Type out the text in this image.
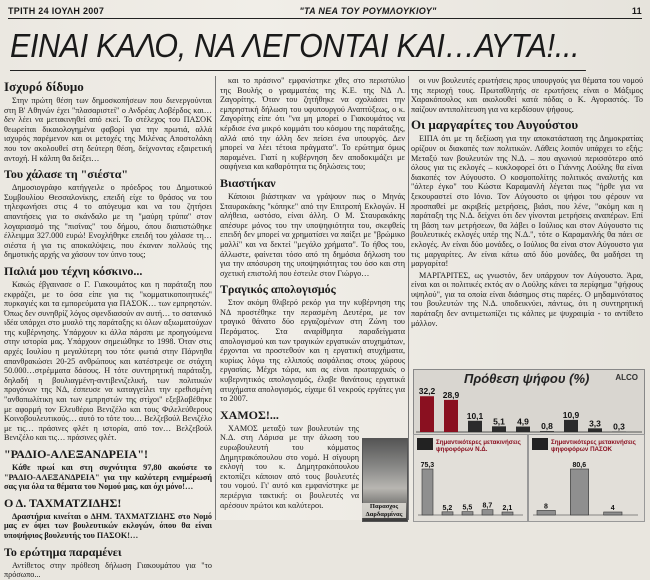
ΤΡΙΤΗ 24 ΙΟΥΛΗ 2007	"ΤΑ ΝΕΑ ΤΟΥ ΡΟΥΜΛΟΥΚΙΟΥ"	11
ΕΙΝΑΙ ΚΑΛΟ, ΝΑ ΛΕΓΟΝΤΑΙ ΚΑΙ…ΑΥΤΑ!...
Ισχυρό δίδυμο

Στην πρώτη θέση των δημοσκοπήσεων που διενεργούνται στη Β' Αθηνών έχει "πλασαριστεί" ο Ανδρέας Λοβέρδος και… δεν λέει να μετακινηθεί από εκεί. Το στέλεχος του ΠΑΣΟΚ θεωρείται δικαιολογημένα φαβορί για την πρωτιά, αλλά ισχυρός παρέμενον και οι μετοχές της Μιλένας Αποστολάκη που τον ακολουθεί στη δεύτερη θέση, δείχνοντας εξαιρετική αντοχή. Η κάλπη θα δείξει…

Του χάλασε τη "σιέστα"

Δημοσιογράφο κατήγγειλε ο πρόεδρος του Δημοτικού Συμβουλίου Θεσσαλονίκης, επειδή είχε το θράσος να του τηλεφωνήσει στις 4 το απόγευμα και να του ζητήσει απαντήσεις για το σκάνδαλο με τη "μαύρη τρύπα" στον λογαριασμό της "πισίνας" του δήμου, όπου διαπιστώθηκε έλλειμμα 327.000 ευρώ! Ενοχλήθηκε επειδή του χάλασε τη… σιέστα ή για τις αποκαλύψεις, που έκαναν πολλούς της δημοτικής αρχής να χάσουν τον ύπνο τους;

Παλιά μου τέχνη κόσκινο...

Κακώς έβγαινασε ο Γ. Γιακουμάτος και η παράταξη που εκφράζει, με το όσα είπε για τις "κομματικοποιητικές" πυρκαγιές και τα εμπορεύματα για ΠΑΣΟΚ… των εμπρηστών. Όπως δεν συνηθρίζ λόγος σφενδιασούν αν αυτή… το σατανικό ιδέα υπάρχει στο μυαλό της παράταξης κι όλων αξιωματούχων της κυβέρνησης. Υπάρχουν κι άλλα πάρσπι με προηγούμενα στην ιστορία μας. Υπάρχουν σημειώθηκε το 1998. Όταν στις αρχές Ιουλίου η μεγαλύτερη του τότε φωτιά στην Πάρνηθα απανθρακώσει 20-25 ανθρώπους και κατέστρεψε σε στάχτη 50.000…στρέμματα δάσους. Η τότε συντηρητική παράταξη, δηλαδή η βουλιαγμένη-αντιβενιζελική, των πολιτικών προγόνων της ΝΔ, έσπευσε να καταγγείλει την ερεθισμένη "ανθοπωλίτικη και των εμπρηστών της στίχοι" εξεβλαβέθηκε με αφορμή τον Ελευθέριο Βενιζέλο και τους Φιλελεύθερους Κοινοβουλευτικούς… αυτό το τότε του… Βελζεβούλ Βενιζέλο με τις… πράσινες φλέτ η ιστορία, από τον… Βελζεβούλ Βενιζέλο και τις… πράσινες φλέτ.

"ΡΑΔΙΟ-ΑΛΕΞΑΝΔΡΕΙΑ"!

Κάθε πρωί και στη συχνότητα 97,80 ακούστε το "ΡΑΔΙΟ-ΑΛΕΞΑΝΔΡΕΙΑ" για την καλύτερη ενημέρωσή σας για όλα τα θέματα του Νομού μας, και όχι μόνο!…

Ο Δ. ΤΑΧΜΑΤΖΙΔΗΣ!

Δραστήρια κινείται ο ΔΗΜ. ΤΑΧΜΑΤΖΙΔΗΣ στο Νομό μας εν όψει των βουλευτικών εκλογών, όπου θα είναι υποψήφιος βουλευτής του ΠΑΣΟΚ!…

Το ερώτημα παραμένει

Αντίθετος στην πρόθεση δήλωση Γιακουμάτου για "το πρόσωπο...

και το πράσινο" εμφανίστηκε χθες στο περιστύλιο της Βουλής ο γραμματέας της Κ.Ε. της ΝΔ Λ. Ζαγορίτης. Όταν του ζητήθηκε να σχολιάσει την εμπρηστική δήλωση του υφυπουργού Αναπτύξεως, ο κ. Ζαγορίτης είπε ότι "να μη μπορεί ο Γιακουμάτος να κέρδισε ένα μικρό κομμάτι του κόσμου της παράταξης, αλλά από την άλλη δεν πείσει ένα υπουργός. Δεν μπορεί να λέει τέτοια πράγματα". Το ερώτημα όμως παραμένει. Γιατί η κυβέρνηση δεν αποδοκιμάζει με σαφήνεια και καθαρότητα τις δηλώσεις του;

Βιαστήκαν

Κάποιοι βιάστηκαν να γράψουν πως ο Μηνάς Σταυρακάκης "κόπηκε" από την Επιτροπή Εκλογών. Η αλήθεια, ωστόσο, είναι άλλη. Ο Μ. Σταυρακάκης απέσυρε μόνος του την υποψηφιότητα του, σκεφθείς επειδή δεν μπορεί να χρηματίσει να παίξει με "βρώμικο μαλλί" και να δεκτεί "μεγάλο χρήματα". Το ήθος του, άλλωστε, φαίνεται τόσο από τη δημόσια δήλωση του για την απόσυρση της υποψηφιότητας του όσο και στη σχετική επιστολή που έστειλε στον Γιώργο…

Τραγικός απολογισμός

Στον ακόμη θλιβερό ρεκόρ για την κυβέρνηση της ΝΔ προστέθηκε την περασμένη Δευτέρα, με τον τραγικό θάνατο δύο εργαζομένων στη Ζώνη του Περάματος. Στα αναρίθμητα παραδείγματα απολογισμού και των τραγικών εργατικών ατυχημάτων, έρχονται να προστεθούν και η εργατική ατυχήματα, κυρίως λόγω της ελλιπούς ασφάλειας στους χώρους εργασίας. Μέχρι τώρα, και ας είναι πρωταρχικός ο κυβερνητικός απολογισμός, έλαβε θανάτους εργατικά ατυχήματα απολογισμός, είχαμε 61 νεκρούς εργάτες για το 2007.

ΧΑΜΟΣ!...

ΧΑΜΟΣ μεταξύ των βουλευτών της Ν.Δ. στη Λάρισα με την άλωση του ευρωβουλευτή του κόμματος Δημητρακόπουλου στο νομό. Η σίγουρη εκλογή του κ. Δημητρακόπουλου εκτοπίζει κάποιον από τους βουλευτές του νομού. Γι' αυτό και εμφανίστηκε με περιέργια τακτική: οι βουλευτές να αρέσουν πρώτοι και καλύτεροι.	Παρασχος Δαρδαρμίνας

οι νυν βουλευτές ερωτήσεις προς υπουργούς για θέματα του νομού της περιοχή τους. Πρωταθλητής σε ερωτήσεις είναι ο Μάξιμος Χαρακόπουλος και ακολουθεί κατά πόδας ο Κ. Αγοραστός. Το παίζουν αντιπολίτευση για να κερδίσουν ψήφους.

Οι μαργαρίτες του Αυγούστου

ΕΙΠΑ ότι με τη δεξίωση για την αποκατάσταση της Δημοκρατίας ορίζουν οι διακοπές των πολιτικών. Λάθεις λοιπόν υπάρχει το εξής: Μεταξύ των βουλευτών της Ν.Δ. – που αγωνιού περισσότερο από όλους για τις εκλογές – κυκλοφορεί ότι ο Γιάννης Λούλης θα είναι διακοπές τον Αύγουστο. Ο κοσμοπολίτης πολιτικός αναλυτής και "άλτερ έγκο" του Κώστα Καραμανλή λέγεται πως "ήρθε για να ξεκουραστεί στο Ιόνιο. Τον Αύγουστο οι ψήφοι του φέρουν να προσπαθεί με ακριβείς μετρήσεις, βιάσι, που λένε, "ακόμη και η παράταξη της Ν.Δ. δείχνει ότι δεν γίνονται μετρήσεις αναπέρων. Επί τη βάση των μετρήσεων, θα λάβει ο Ιούλιος και στον Αύγουστο τις βουλευτικές εκλογές υπέρ της Ν.Δ.", τότε ο Καραμανλής θα πάει σε εκλογές. Αν είναι δύο μονάδες, ο Ιούλιος θα είναι στον Αύγουστο για τις μαργαρίτες. Αν είναι κάτω από δύο μονάδες, θα μαδήσει τη μαργαρίτα!

ΜΑΡΓΑΡΙΤΕΣ, ως γνωστόν, δεν υπάρχουν τον Αύγουστο. Άρα, είναι και οι πολιτικές εκτός αν ο Λούλης κάνει τα περίφημα "ψήφους υψηλού", για τα οποία είναι διάσημος στις παρέες. Ο μηδαμινότατος του βουλευτών της Ν.Δ. υποδεικνύει, πάντως, ότι η συντηρητική παράταξη δεν αντιμετωπίζει τις κάλπες με ψυχραιμία - το αντίθετο μάλλον.

Πρόθεση ψήφου (%)	ALCO
32,2 28,9
10,1
5,1 4,9 0,8
10,9
3,3 0,3
Σημαντικότερες μετακινήσεις ψηφοφόρων Ν.Δ.
75,3
5,2 5,5 8,7 2,1
Σημαντικότερες μετακινήσεις ψηφοφόρων ΠΑΣΟΚ
8
80,6
4
